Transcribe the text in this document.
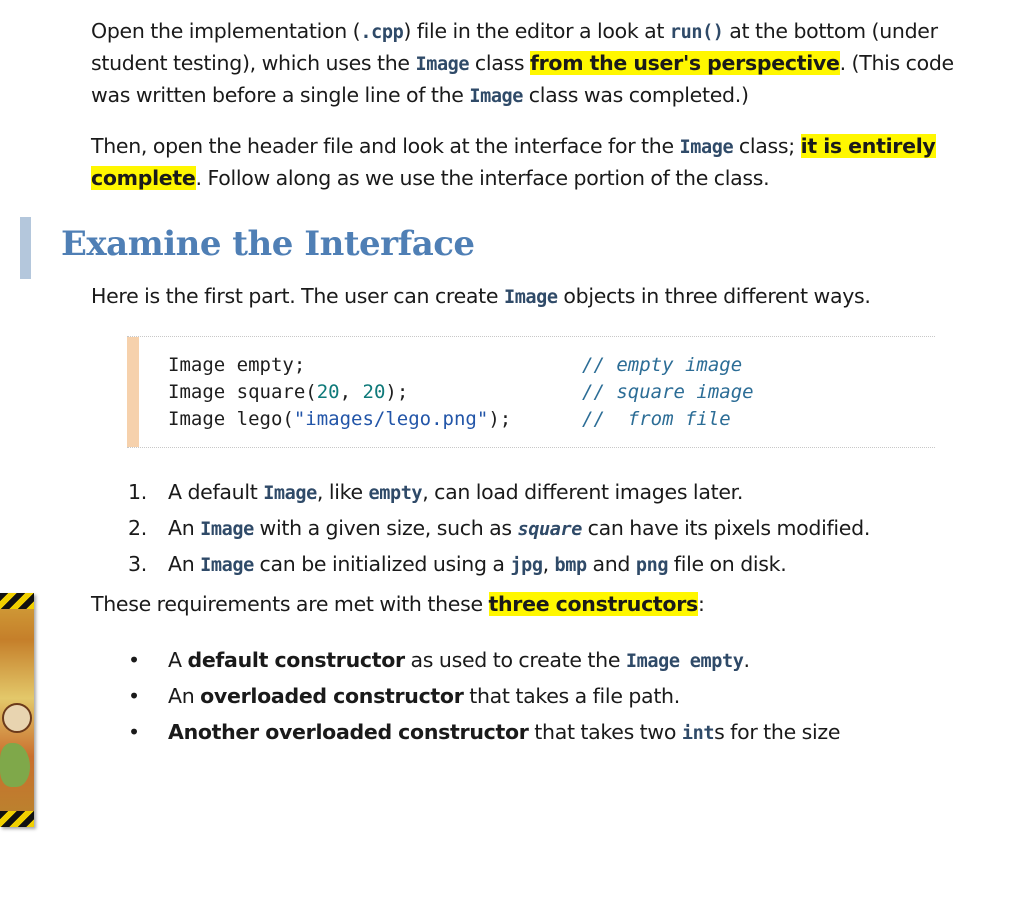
Open the implementation (.cpp) file in the editor a look at run() at the bottom (under student testing), which uses the Image class from the user's perspective. (This code was written before a single line of the Image class was completed.)

Then, open the header file and look at the interface for the Image class; it is entirely complete. Follow along as we use the interface portion of the class.

Examine the Interface

Here is the first part. The user can create Image objects in three different ways.

Image empty;
Image square(20, 20);
Image lego("images/lego.png");
// empty image
// square image
//  from file
1. A default Image, like empty, can load different images later.
2. An Image with a given size, such as square can have its pixels modified.
3. An Image can be initialized using a jpg, bmp and png file on disk.

These requirements are met with these three constructors:

• A default constructor as used to create the Image empty.
• An overloaded constructor that takes a file path.
• Another overloaded constructor that takes two ints for the size
